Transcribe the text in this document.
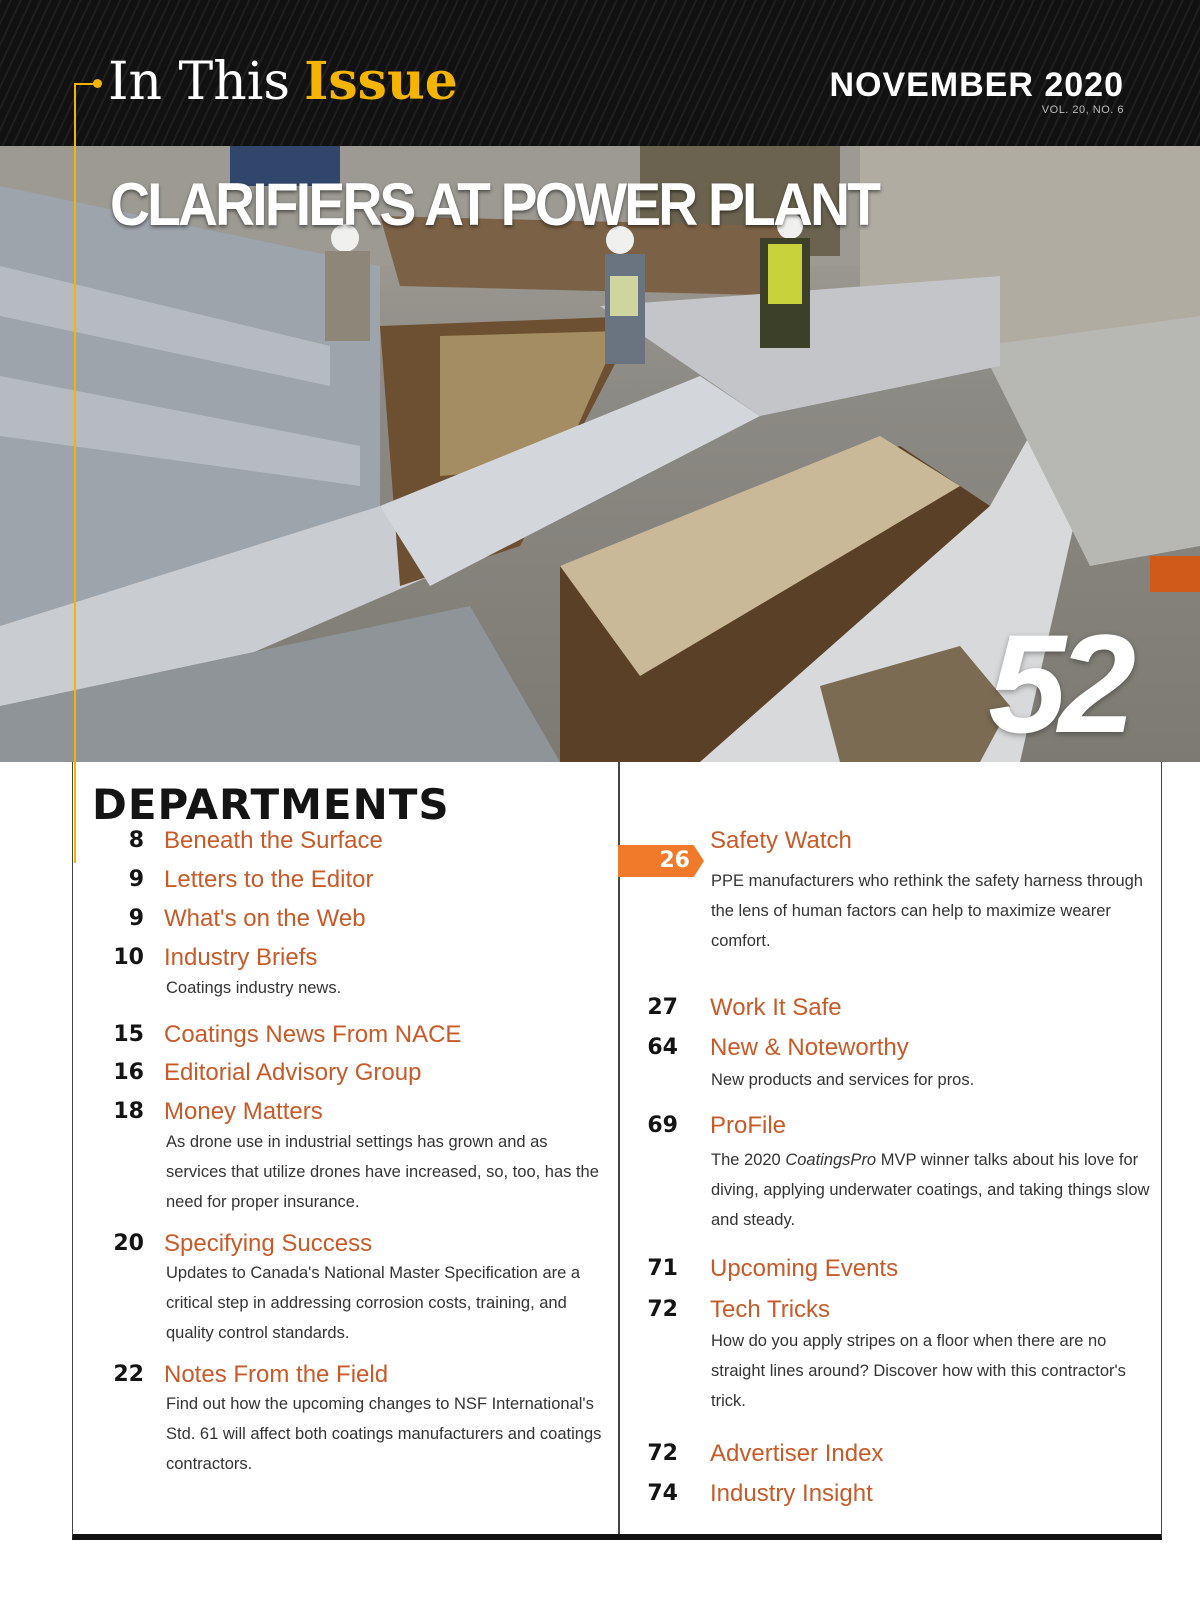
In This Issue	NOVEMBER 2020
VOL. 20, NO. 6
CLARIFIERS AT POWER PLANT
52
DEPARTMENTS
8 Beneath the Surface
9 Letters to the Editor
9 What's on the Web
10 Industry Briefs
Coatings industry news.
15 Coatings News From NACE
16 Editorial Advisory Group
18 Money Matters
As drone use in industrial settings has grown and as services that utilize drones have increased, so, too, has the need for proper insurance.
20 Specifying Success
Updates to Canada's National Master Specification are a critical step in addressing corrosion costs, training, and quality control standards.
22 Notes From the Field
Find out how the upcoming changes to NSF International's Std. 61 will affect both coatings manufacturers and coatings contractors.
26
Safety Watch
PPE manufacturers who rethink the safety harness through the lens of human factors can help to maximize wearer comfort.
27 Work It Safe
64 New & Noteworthy
New products and services for pros.
69 ProFile
The 2020 CoatingsPro MVP winner talks about his love for diving, applying underwater coatings, and taking things slow and steady.
71 Upcoming Events
72 Tech Tricks
How do you apply stripes on a floor when there are no straight lines around? Discover how with this contractor's trick.
72 Advertiser Index
74 Industry Insight
